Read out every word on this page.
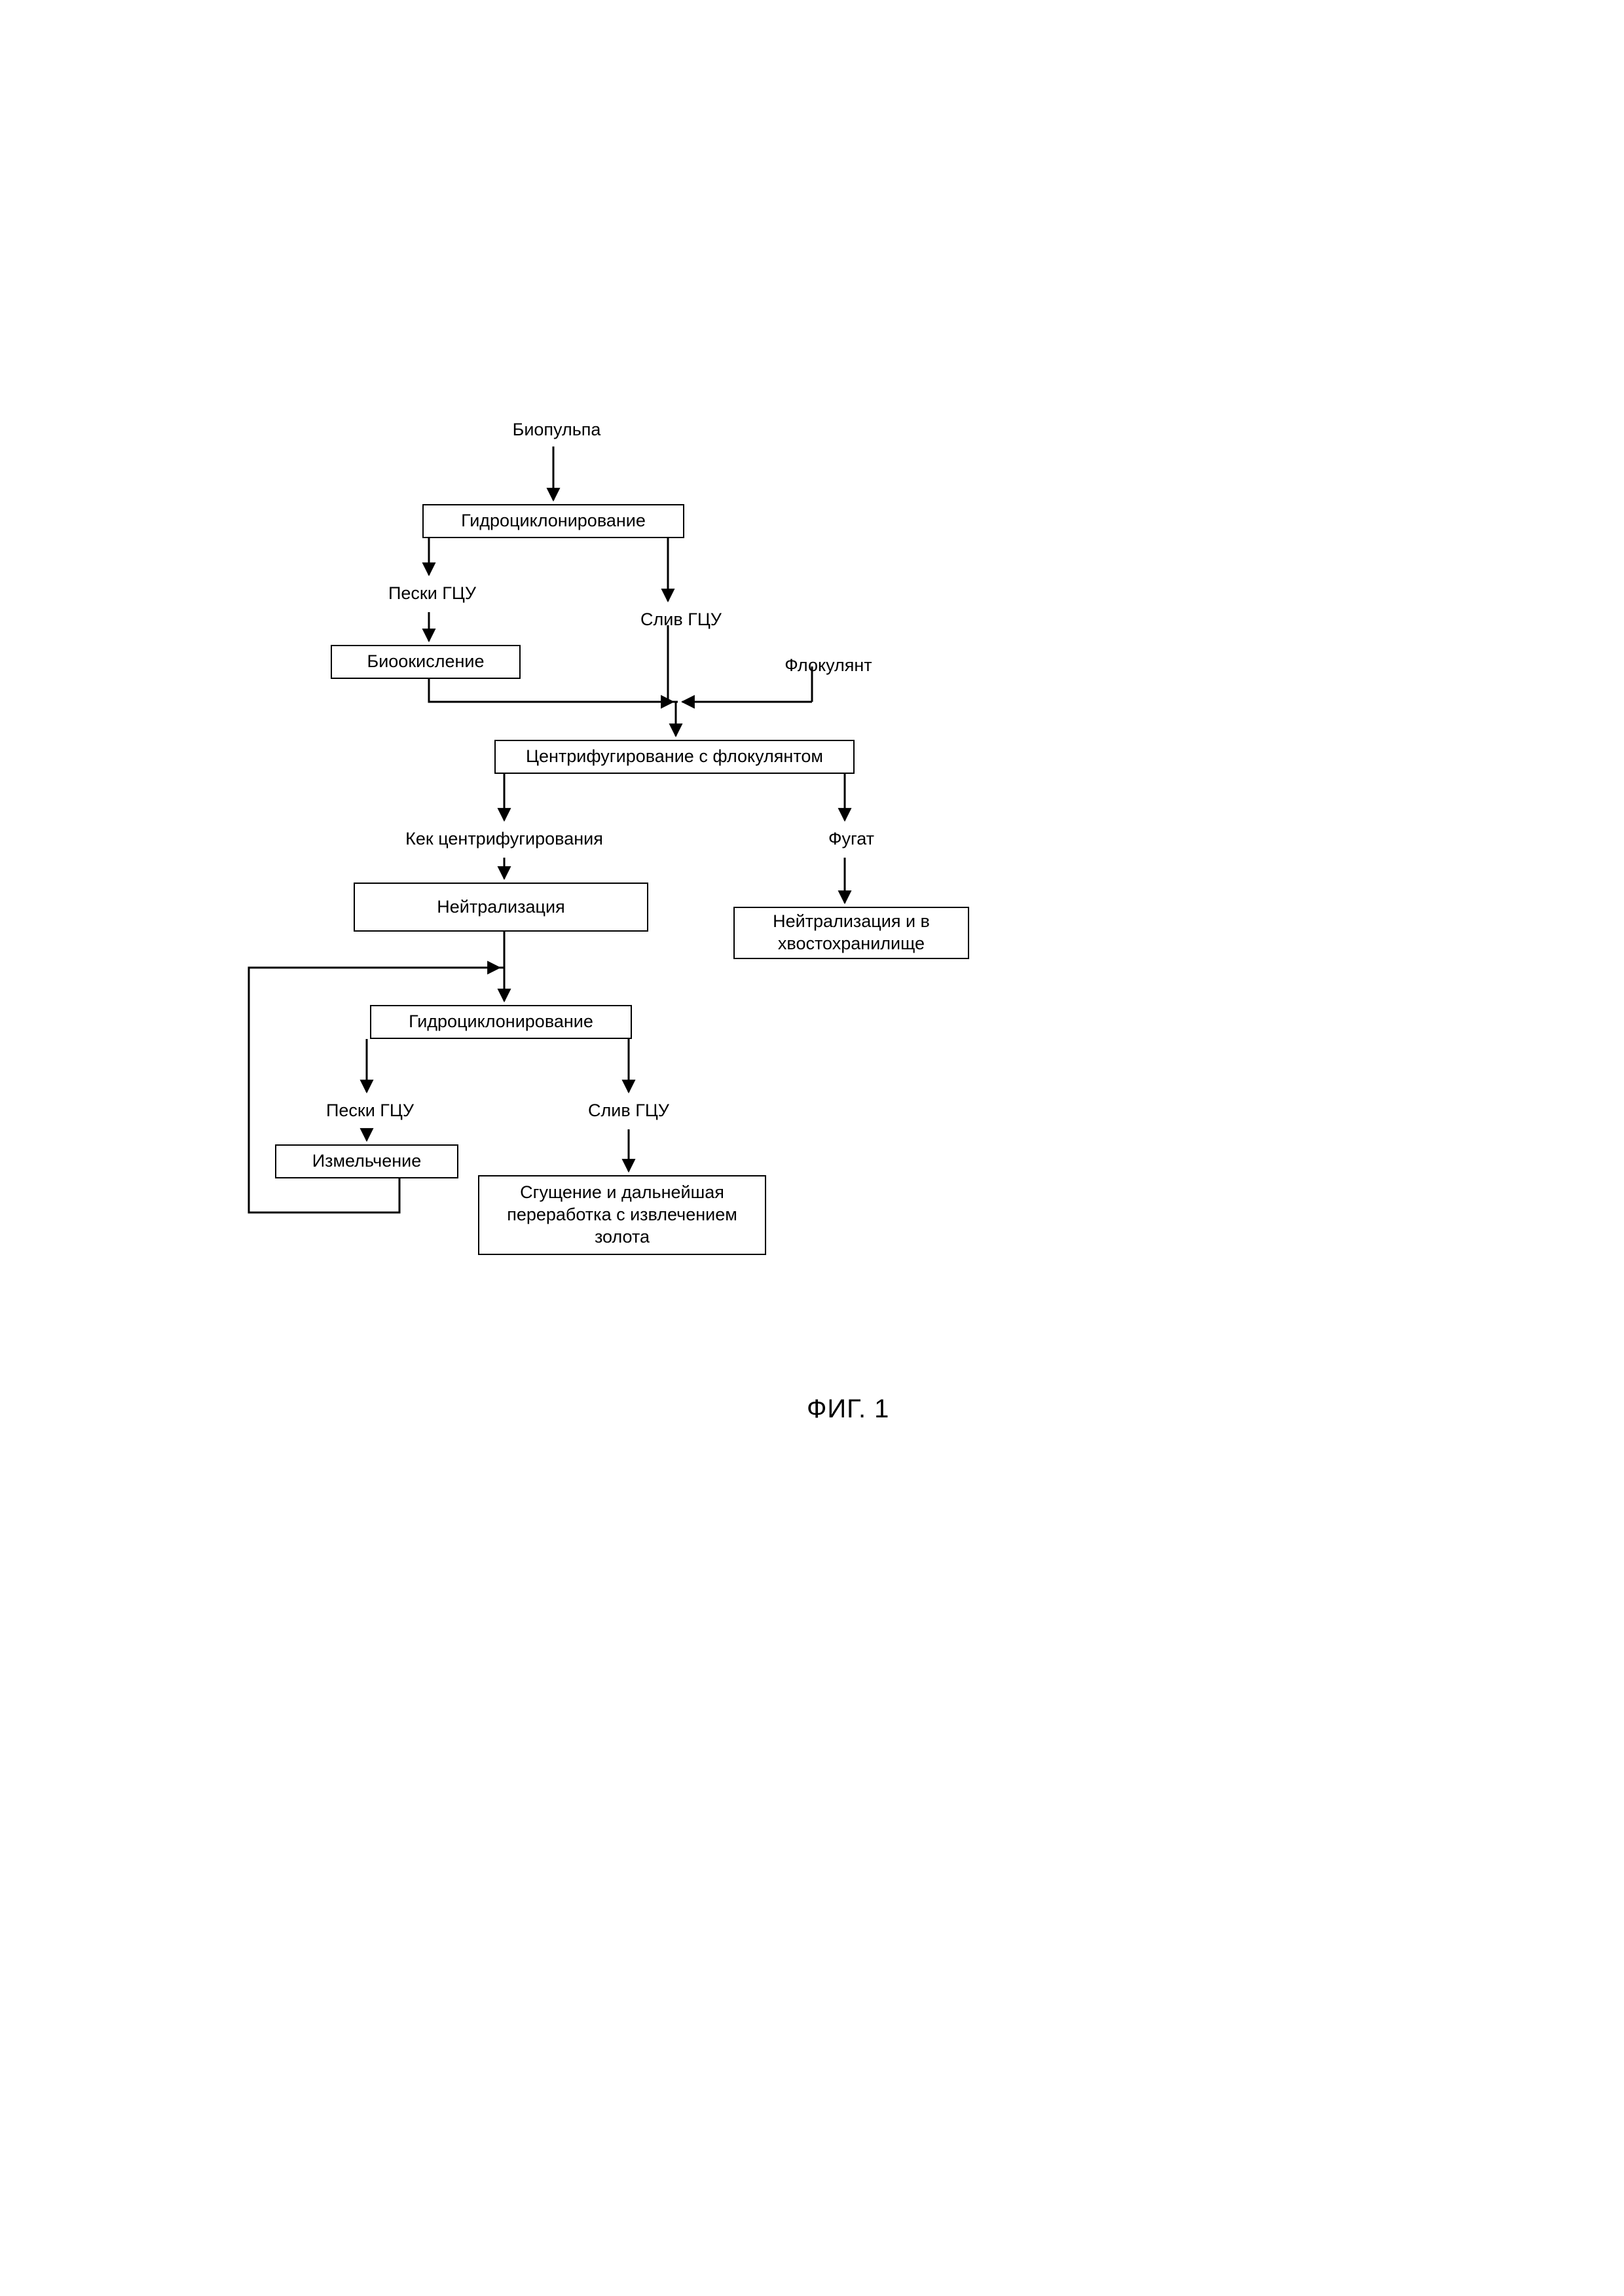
Гидроциклонирование
Биоокисление
Центрифугирование с флокулянтом
Нейтрализация
Нейтрализация и в
хвостохранилище
Гидроциклонирование
Измельчение
Сгущение и дальнейшая
переработка с извлечением
золота
Биопульпа
Пески ГЦУ
Слив ГЦУ
Флокулянт
Кек центрифугирования	Фугат
Пески ГЦУ	Слив ГЦУ
ФИГ. 1
